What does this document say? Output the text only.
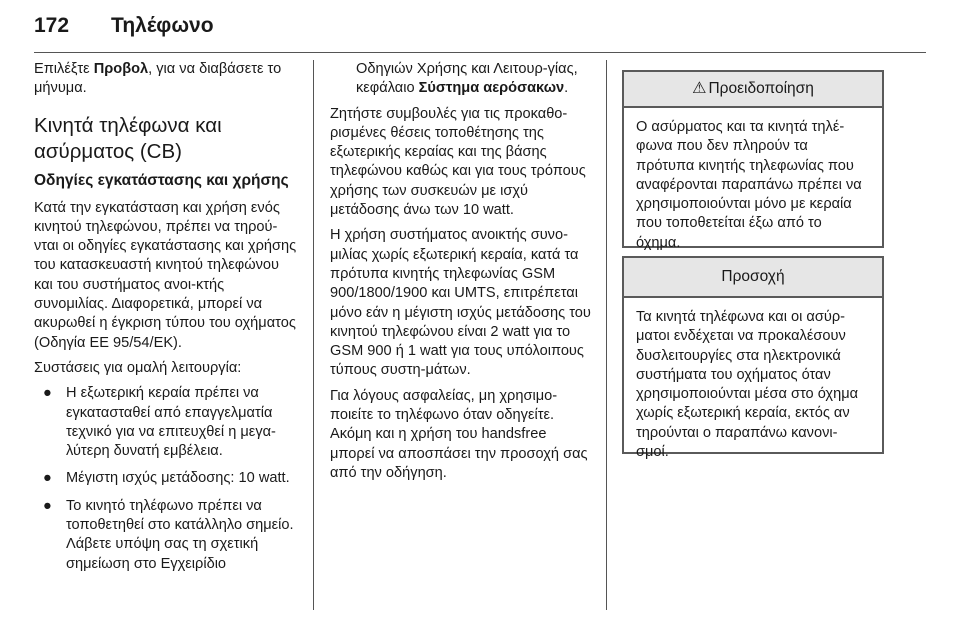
172 Τηλέφωνο

Επιλέξτε Προβολ, για να διαβάσετε το μήνυμα.

Κινητά τηλέφωνα και ασύρματος (CB)
Οδηγίες εγκατάστασης και χρήσης

Κατά την εγκατάσταση και χρήση ενός κινητού τηλεφώνου, πρέπει να τηρού-νται οι οδηγίες εγκατάστασης και χρήσης του κατασκευαστή κινητού τηλεφώνου και του συστήματος ανοι-κτής συνομιλίας. Διαφορετικά, μπορεί να ακυρωθεί η έγκριση τύπου του οχήματος (Οδηγία ΕΕ 95/54/ΕΚ).

Συστάσεις για ομαλή λειτουργία:

● Η εξωτερική κεραία πρέπει να εγκατασταθεί από επαγγελματία τεχνικό για να επιτευχθεί η μεγα-λύτερη δυνατή εμβέλεια.
● Μέγιστη ισχύς μετάδοσης: 10 watt.
● Το κινητό τηλέφωνο πρέπει να τοποθετηθεί στο κατάλληλο σημείο. Λάβετε υπόψη σας τη σχετική σημείωση στο Εγχειρίδιο

Οδηγιών Χρήσης και Λειτουρ-γίας, κεφάλαιο Σύστημα αερόσακων.

Ζητήστε συμβουλές για τις προκαθο-ρισμένες θέσεις τοποθέτησης της εξωτερικής κεραίας και της βάσης τηλεφώνου καθώς και για τους τρόπους χρήσης των συσκευών με ισχύ μετάδοσης άνω των 10 watt.

Η χρήση συστήματος ανοικτής συνο-μιλίας χωρίς εξωτερική κεραία, κατά τα πρότυπα κινητής τηλεφωνίας GSM 900/1800/1900 και UMTS, επιτρέπεται μόνο εάν η μέγιστη ισχύς μετάδοσης του κινητού τηλεφώνου είναι 2 watt για το GSM 900 ή 1 watt για τους υπόλοιπους τύπους συστη-μάτων.

Για λόγους ασφαλείας, μη χρησιμο-ποιείτε το τηλέφωνο όταν οδηγείτε. Ακόμη και η χρήση του handsfree μπορεί να αποσπάσει την προσοχή σας από την οδήγηση.

⚠ Προειδοποίηση
Ο ασύρματος και τα κινητά τηλέ-φωνα που δεν πληρούν τα πρότυπα κινητής τηλεφωνίας που αναφέρονται παραπάνω πρέπει να χρησιμοποιούνται μόνο με κεραία που τοποθετείται έξω από το όχημα.
Προσοχή
Τα κινητά τηλέφωνα και οι ασύρ-ματοι ενδέχεται να προκαλέσουν δυσλειτουργίες στα ηλεκτρονικά συστήματα του οχήματος όταν χρησιμοποιούνται μέσα στο όχημα χωρίς εξωτερική κεραία, εκτός αν τηρούνται ο παραπάνω κανονι-σμοί.
